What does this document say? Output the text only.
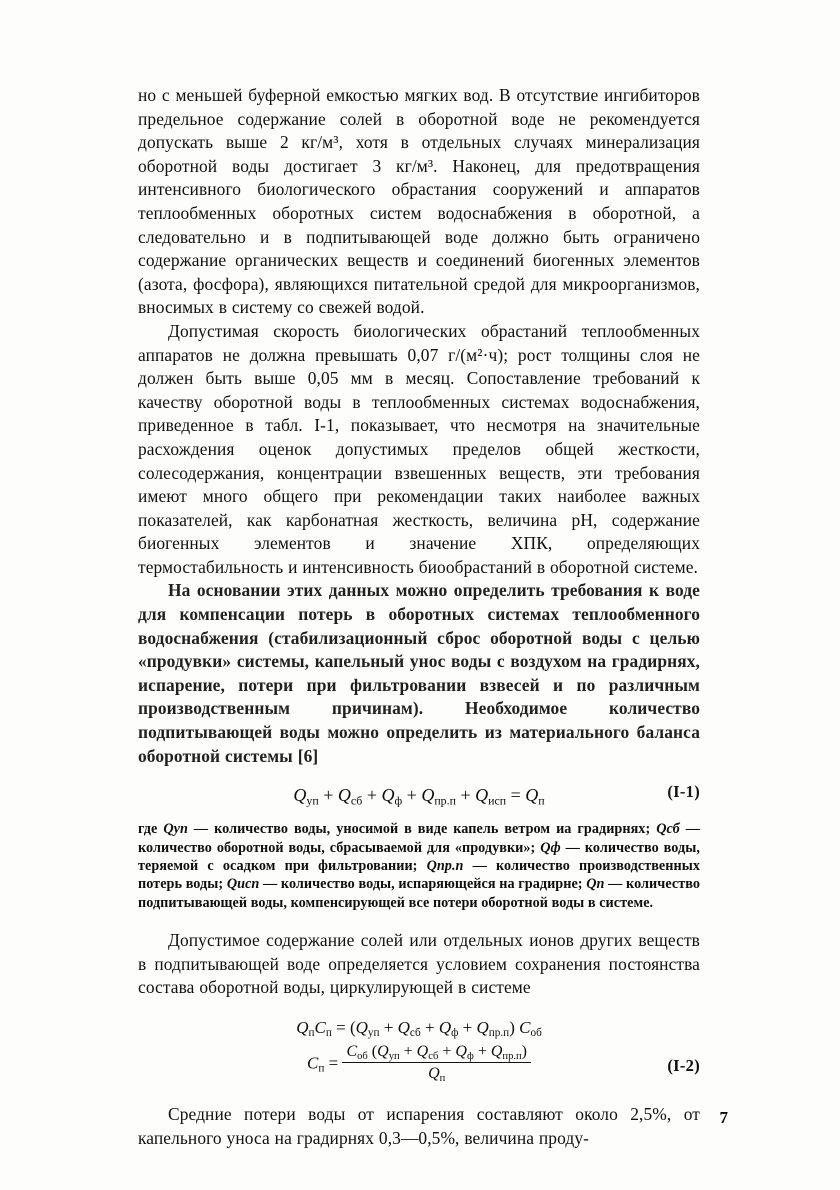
но с меньшей буферной емкостью мягких вод. В отсутствие ингибиторов предельное содержание солей в оборотной воде не рекомендуется допускать выше 2 кг/м³, хотя в отдельных случаях минерализация оборотной воды достигает 3 кг/м³. Наконец, для предотвращения интенсивного биологического обрастания сооружений и аппаратов теплообменных оборотных систем водоснабжения в оборотной, а следовательно и в подпитывающей воде должно быть ограничено содержание органических веществ и соединений биогенных элементов (азота, фосфора), являющихся питательной средой для микроорганизмов, вносимых в систему со свежей водой.

Допустимая скорость биологических обрастаний теплообменных аппаратов не должна превышать 0,07 г/(м²·ч); рост толщины слоя не должен быть выше 0,05 мм в месяц. Сопоставление требований к качеству оборотной воды в теплообменных системах водоснабжения, приведенное в табл. I-1, показывает, что несмотря на значительные расхождения оценок допустимых пределов общей жесткости, солесодержания, концентрации взвешенных веществ, эти требования имеют много общего при рекомендации таких наиболее важных показателей, как карбонатная жесткость, величина рН, содержание биогенных элементов и значение ХПК, определяющих термостабильность и интенсивность биообрастаний в оборотной системе.

На основании этих данных можно определить требования к воде для компенсации потерь в оборотных системах теплообменного водоснабжения (стабилизационный сброс оборотной воды с целью «продувки» системы, капельный унос воды с воздухом на градирнях, испарение, потери при фильтровании взвесей и по различным производственным причинам). Необходимое количество подпитывающей воды можно определить из материального баланса оборотной системы [6]

$Q_{уп} + Q_{сб} + Q_ф + Q_{пр.п} + Q_{исп} = Q_п$	(I-1)
где Qуп — количество воды, уносимой в виде капель ветром иа градирнях; Qсб — количество оборотной воды, сбрасываемой для «продувки»; Qф — количество воды, теряемой с осадком при фильтровании; Qпр.п — количество производственных потерь воды; Qисп — количество воды, испаряющейся на градирне; Qп — количество подпитывающей воды, компенсирующей все потери оборотной воды в системе.

Допустимое содержание солей или отдельных ионов других веществ в подпитывающей воде определяется условием сохранения постоянства состава оборотной воды, циркулирующей в системе

$Q_пС_п = (Q_{уп} + Q_{сб} + Q_ф + Q_{пр.п})$ $С_{об}$
$С_п = \frac{С_{об} (Q_{уп} + Q_{сб} + Q_ф + Q_{пр.п})}{Q_п}$	(I-2)

Средние потери воды от испарения составляют около 2,5%, от капельного уноса на градирнях 0,3—0,5%, величина проду-

7
